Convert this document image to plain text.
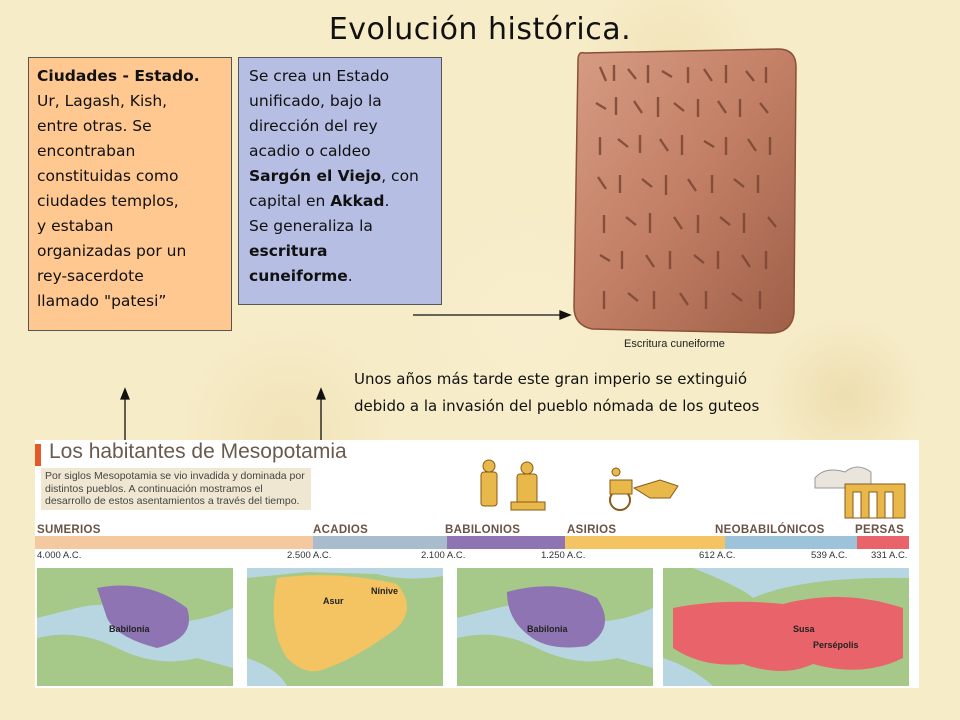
Evolución histórica.

Ciudades - Estado.

Ur, Lagash, Kish,

entre otras. Se

encontraban

constituidas como

ciudades templos,

y estaban

organizadas por un

rey-sacerdote

llamado "patesi”

Se crea un Estado

unificado, bajo la

dirección del rey

acadio o caldeo

Sargón el Viejo, con

capital en Akkad.

Se generaliza la

escritura cuneiforme.

Escritura cuneiforme
Unos años más tarde este gran imperio se extinguió
debido a la invasión del pueblo nómada de los guteos
Los habitantes de Mesopotamia
Por siglos Mesopotamia se vio invadida y dominada por distintos pueblos. A continuación mostramos el desarrollo de estos asentamientos a través del tiempo.
SUMERIOS	ACADIOS	BABILONIOS	ASIRIOS	NEOBABILÓNICOS	PERSAS
4.000 A.C.	2.500 A.C.	2.100 A.C.	1.250 A.C.	612 A.C.	539 A.C. 331 A.C.
Babilonia
Asur
Nínive
Babilonia	Susa
Persépolis
